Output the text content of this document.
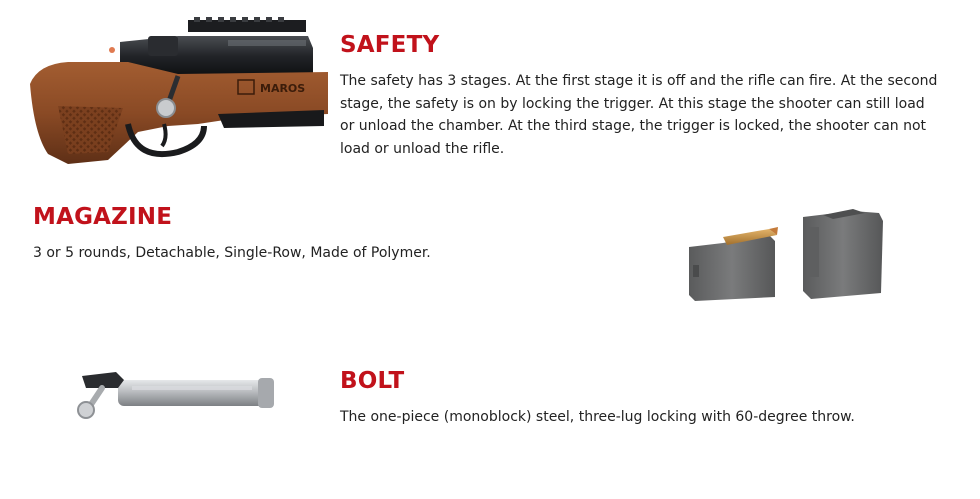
MAROS
SAFETY

The safety has 3 stages. At the first stage it is off and the rifle can fire. At the second stage, the safety is on by locking the trigger. At this stage the shooter can still load or unload the chamber. At the third stage, the trigger is locked, the shooter can not load or unload the rifle.

MAGAZINE

3 or 5 rounds, Detachable, Single-Row, Made of Polymer.

BOLT

The one-piece (monoblock) steel, three-lug locking with 60-degree throw.
